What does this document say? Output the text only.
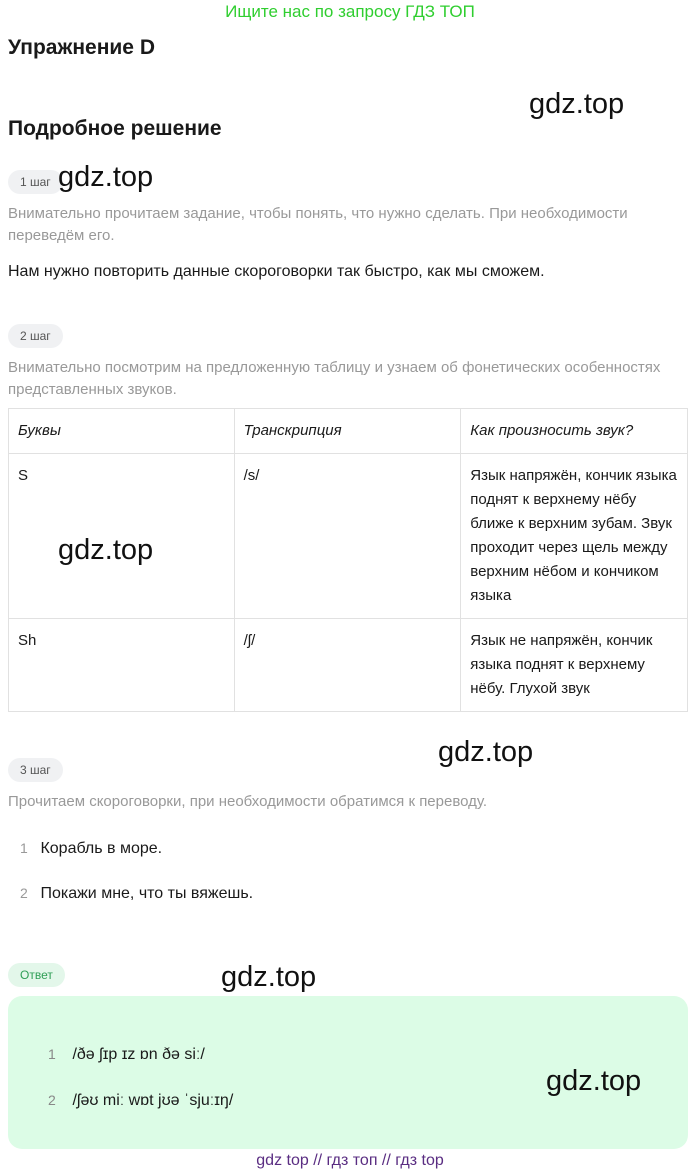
Ищите нас по запросу ГДЗ ТОП
Упражнение D
gdz.top
Подробное решение
1 шаг gdz.top
Внимательно прочитаем задание, чтобы понять, что нужно сделать. При необходимости переведём его.
Нам нужно повторить данные скороговорки так быстро, как мы сможем.
2 шаг
Внимательно посмотрим на предложенную таблицу и узнаем об фонетических особенностях представленных звуков.
Буквы	Транскрипция	Как произносить звук?
S	/s/	Язык напряжён, кончик языка поднят к верхнему нёбу ближе к верхним зубам. Звук проходит через щель между верхним нёбом и кончиком языка
Sh	/ʃ/	Язык не напряжён, кончик языка поднят к верхнему нёбу. Глухой звук
gdz.top
gdz.top
3 шаг
Прочитаем скороговорки, при необходимости обратимся к переводу.
1 Корабль в море.
2 Покажи мне, что ты вяжешь.
Ответ	gdz.top
1 /ðə ʃɪp ɪz ɒn ðə siː/
2 /ʃəʊ miː wɒt jʊə ˈsjuːɪŋ/
gdz.top
gdz top // гдз топ // гдз top
